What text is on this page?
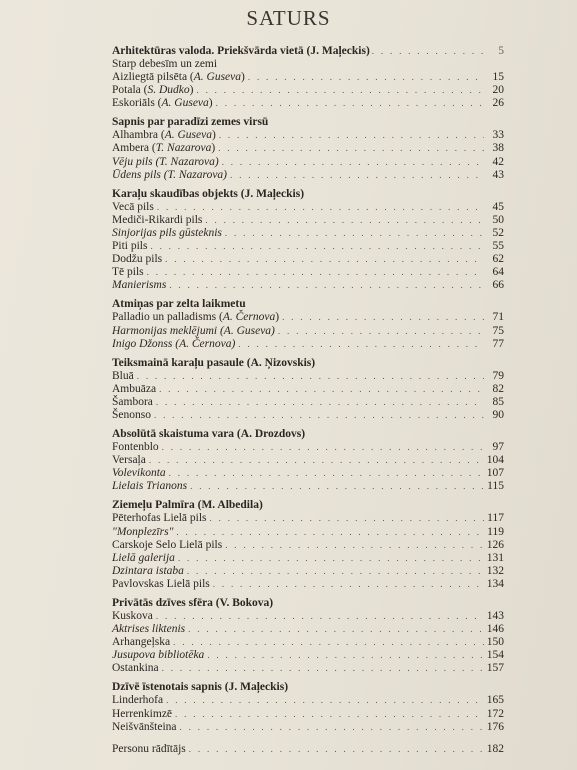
SATURS
Arhitektūras valoda. Priekšvārda vietā (J. Maļeckis) . . .	5
Starp debesīm un zemi
Aizliegtā pilsēta (A. Guseva) . . .	15
Potala (S. Dudko) . . .	20
Eskoriāls (A. Guseva) . . .	26
Sapnis par paradīzi zemes virsū
Alhambra (A. Guseva) . . .	33
Ambera (T. Nazarova) . . .	38
Vēju pils (T. Nazarova) . . .	42
Ūdens pils (T. Nazarova) . . .	43
Karaļu skaudības objekts (J. Maļeckis)
Vecā pils . . .	45
Mediči-Rikardi pils . . .	50
Sinjorijas pils gūsteknis . . .	52
Piti pils . . .	55
Dodžu pils . . .	62
Tē pils . . .	64
Manierisms . . .	66
Atmiņas par zelta laikmetu
Palladio un palladisms (A. Černova) . . .	71
Harmonijas meklējumi (A. Guseva) . . .	75
Inigo Džonss (A. Černova) . . .	77
Teiksmainā karaļu pasaule (A. Ņizovskis)
Bluā . . .	79
Ambuāza . . .	82
Šambora . . .	85
Šenonso . . .	90
Absolūtā skaistuma vara (A. Drozdovs)
Fontenblo . . .	97
Versaļa . . .	104
Volevikonta . . .	107
Lielais Trianons . . .	115
Ziemeļu Palmīra (M. Albedila)
Pēterhofas Lielā pils . . .	117
"Monplezīrs" . . .	119
Carskoje Selo Lielā pils . . .	126
Lielā galerija . . .	131
Dzintara istaba . . .	132
Pavlovskas Lielā pils . . .	134
Privātās dzīves sfēra (V. Bokova)
Kuskova . . .	143
Aktrises liktenis . . .	146
Arhangeļska . . .	150
Jusupova bibliotēka . . .	154
Ostankina . . .	157
Dzīvē īstenotais sapnis (J. Maļeckis)
Linderhofa . . .	165
Herrenkimzē . . .	172
Neišvānšteina . . .	176
Personu rādītājs . . .	182
